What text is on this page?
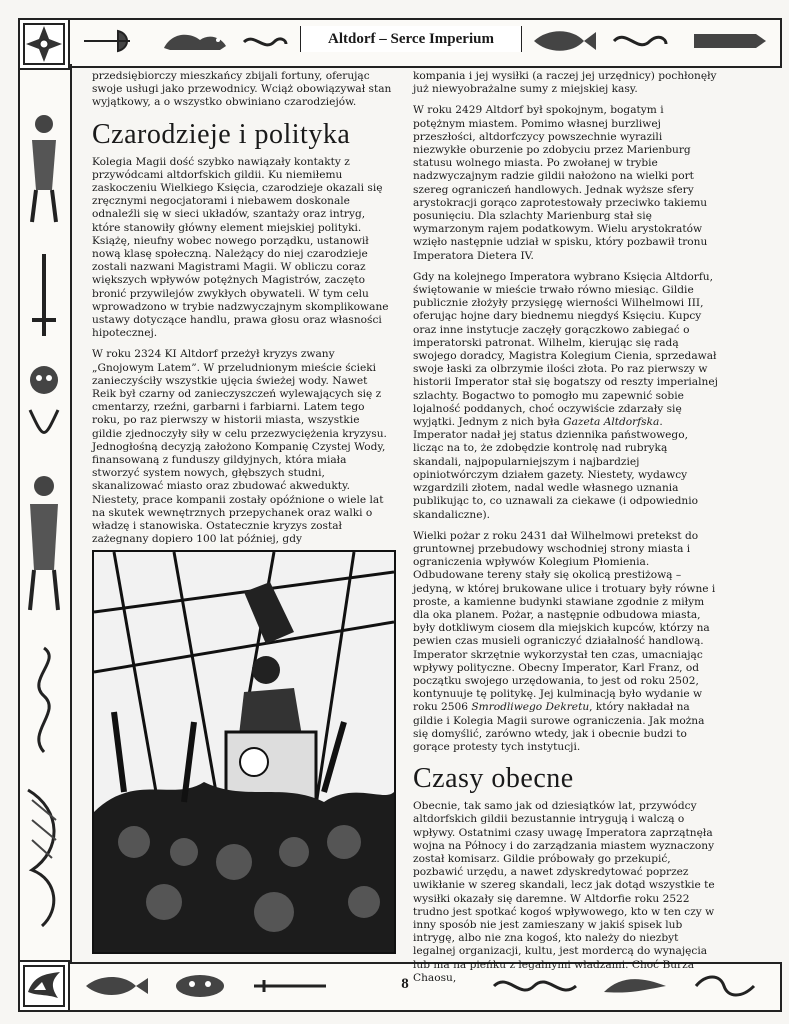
Altdorf – Serce Imperium
8

przedsiębiorczy mieszkańcy zbijali fortuny, oferując swoje usługi jako przewodnicy. Wciąż obowiązywał stan wyjątkowy, a o wszystko obwiniano czarodziejów.

Czarodzieje i polityka

Kolegia Magii dość szybko nawiązały kontakty z przywódcami altdorfskich gildii. Ku niemiłemu zaskoczeniu Wielkiego Księcia, czarodzieje okazali się zręcznymi negocjatorami i niebawem doskonale odnaleźli się w sieci układów, szantaży oraz intryg, które stanowiły główny element miejskiej polityki. Książę, nieufny wobec nowego porządku, ustanowił nową klasę społeczną. Należący do niej czarodzieje zostali nazwani Magistrami Magii. W obliczu coraz większych wpływów potężnych Magistrów, zaczęto bronić przywilejów zwykłych obywateli. W tym celu wprowadzono w trybie nadzwyczajnym skomplikowane ustawy dotyczące handlu, prawa głosu oraz własności hipotecznej.

W roku 2324 KI Altdorf przeżył kryzys zwany „Gnojowym Latem”. W przeludnionym mieście ścieki zanieczyściły wszystkie ujęcia świeżej wody. Nawet Reik był czarny od zanieczyszczeń wylewających się z cmentarzy, rzeźni, garbarni i farbiarni. Latem tego roku, po raz pierwszy w historii miasta, wszystkie gildie zjednoczyły siły w celu przezwyciężenia kryzysu. Jednogłośną decyzją założono Kompanię Czystej Wody, finansowaną z funduszy gildyjnych, która miała stworzyć system nowych, głębszych studni, skanalizować miasto oraz zbudować akwedukty. Niestety, prace kompanii zostały opóźnione o wiele lat na skutek wewnętrznych przepychanek oraz walki o władzę i stanowiska. Ostatecznie kryzys został zażegnany dopiero 100 lat później, gdy

kompania i jej wysiłki (a raczej jej urzędnicy) pochłonęły już niewyobrażalne sumy z miejskiej kasy.

W roku 2429 Altdorf był spokojnym, bogatym i potężnym miastem. Pomimo własnej burzliwej przeszłości, altdorfczycy powszechnie wyrazili niezwykłe oburzenie po zdobyciu przez Marienburg statusu wolnego miasta. Po zwołanej w trybie nadzwyczajnym radzie gildii nałożono na wielki port szereg ograniczeń handlowych. Jednak wyższe sfery arystokracji gorąco zaprotestowały przeciwko takiemu posunięciu. Dla szlachty Marienburg stał się wymarzonym rajem podatkowym. Wielu arystokratów wzięło następnie udział w spisku, który pozbawił tronu Imperatora Dietera IV.

Gdy na kolejnego Imperatora wybrano Księcia Altdorfu, świętowanie w mieście trwało równo miesiąc. Gildie publicznie złożyły przysięgę wierności Wilhelmowi III, oferując hojne dary biednemu niegdyś Księciu. Kupcy oraz inne instytucje zaczęły gorączkowo zabiegać o imperatorski patronat. Wilhelm, kierując się radą swojego doradcy, Magistra Kolegium Cienia, sprzedawał swoje łaski za olbrzymie ilości złota. Po raz pierwszy w historii Imperator stał się bogatszy od reszty imperialnej szlachty. Bogactwo to pomogło mu zapewnić sobie lojalność poddanych, choć oczywiście zdarzały się wyjątki. Jednym z nich była Gazeta Altdorfska. Imperator nadał jej status dziennika państwowego, licząc na to, że zdobędzie kontrolę nad rubryką skandali, najpopularniejszym i najbardziej opiniotwórczym działem gazety. Niestety, wydawcy wzgardzili złotem, nadal wedle własnego uznania publikując to, co uznawali za ciekawe (i odpowiednio skandaliczne).

Wielki pożar z roku 2431 dał Wilhelmowi pretekst do gruntownej przebudowy wschodniej strony miasta i ograniczenia wpływów Kolegium Płomienia. Odbudowane tereny stały się okolicą prestiżową – jedyną, w której brukowane ulice i trotuary były równe i proste, a kamienne budynki stawiane zgodnie z miłym dla oka planem. Pożar, a następnie odbudowa miasta, były dotkliwym ciosem dla miejskich kupców, którzy na pewien czas musieli ograniczyć działalność handlową. Imperator skrzętnie wykorzystał ten czas, umacniając wpływy polityczne. Obecny Imperator, Karl Franz, od początku swojego urzędowania, to jest od roku 2502, kontynuuje tę politykę. Jej kulminacją było wydanie w roku 2506 Smrodliwego Dekretu, który nakładał na gildie i Kolegia Magii surowe ograniczenia. Jak można się domyślić, zarówno wtedy, jak i obecnie budzi to gorące protesty tych instytucji.

Czasy obecne

Obecnie, tak samo jak od dziesiątków lat, przywódcy altdorfskich gildii bezustannie intrygują i walczą o wpływy. Ostatnimi czasy uwagę Imperatora zaprzątnęła wojna na Północy i do zarządzania miastem wyznaczony został komisarz. Gildie próbowały go przekupić, pozbawić urzędu, a nawet zdyskredytować poprzez uwikłanie w szereg skandali, lecz jak dotąd wszystkie te wysiłki okazały się daremne. W Altdorfie roku 2522 trudno jest spotkać kogoś wpływowego, kto w ten czy w inny sposób nie jest zamieszany w jakiś spisek lub intrygę, albo nie zna kogoś, kto należy do niezbyt legalnej organizacji, kultu, jest mordercą do wynajęcia lub ma na pieńku z legalnymi władzami. Choć Burza Chaosu,
